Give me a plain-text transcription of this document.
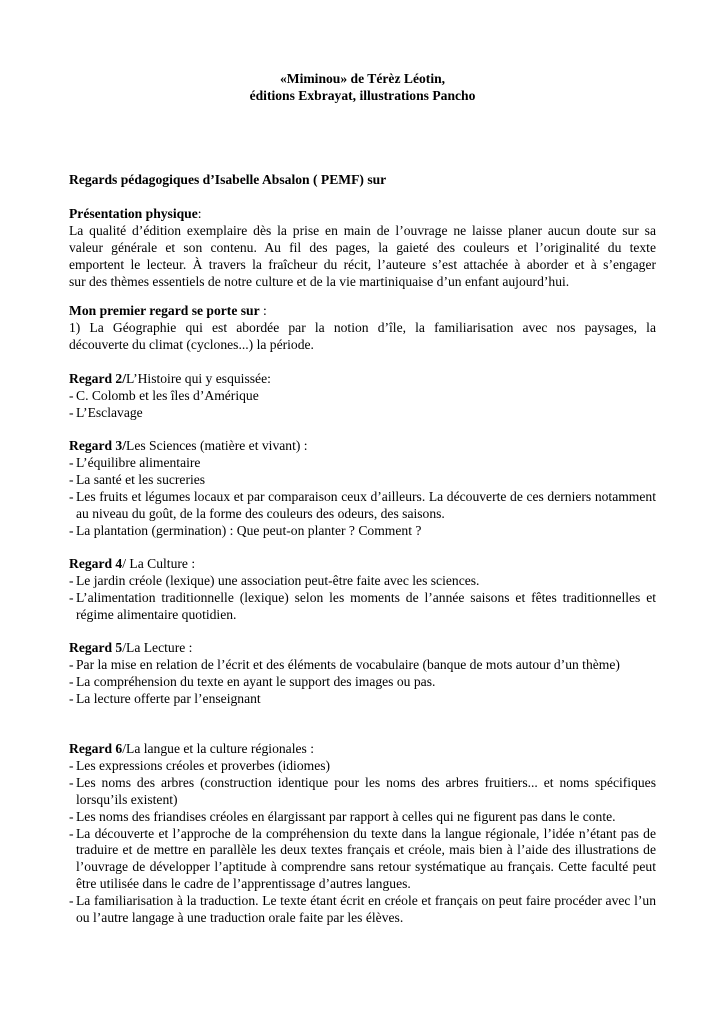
«Miminou» de Térèz Léotin,
éditions Exbrayat, illustrations Pancho
Regards pédagogiques d’Isabelle Absalon ( PEMF) sur
Présentation physique:
La qualité d’édition exemplaire dès la prise en main de l’ouvrage ne laisse planer aucun doute sur sa
valeur générale et son contenu. Au fil des pages, la gaieté des couleurs et l’originalité du texte
emportent le lecteur. À travers la fraîcheur du récit, l’auteure s’est attachée à aborder et à s’engager
sur des thèmes essentiels de notre culture et de la vie martiniquaise d’un enfant aujourd’hui.
Mon premier regard se porte sur :
1) La Géographie qui est abordée par la notion d’île, la familiarisation avec nos paysages, la
découverte du climat (cyclones...) la période.
Regard 2/L’Histoire qui y esquissée:
- C. Colomb et les îles d’Amérique
- L’Esclavage
Regard 3/Les Sciences (matière et vivant) :
- L’équilibre alimentaire
- La santé et les sucreries
- Les fruits et légumes locaux et par comparaison ceux d’ailleurs. La découverte de ces derniers notamment au niveau du goût, de la forme des couleurs des odeurs, des saisons.
- La plantation (germination) : Que peut-on planter ? Comment ?
Regard 4/ La Culture :
- Le jardin créole (lexique) une association peut-être faite avec les sciences.
- L’alimentation traditionnelle (lexique) selon les moments de l’année saisons et fêtes traditionnelles et régime alimentaire quotidien.
Regard 5/La Lecture :
- Par la mise en relation de l’écrit et des éléments de vocabulaire (banque de mots autour d’un thème)
- La compréhension du texte en ayant le support des images ou pas.
- La lecture offerte par l’enseignant
Regard 6/La langue et la culture régionales :
- Les expressions créoles et proverbes (idiomes)
- Les noms des arbres (construction identique pour les noms des arbres fruitiers... et noms spécifiques lorsqu’ils existent)
- Les noms des friandises créoles en élargissant par rapport à celles qui ne figurent pas dans le conte.
- La découverte et l’approche de la compréhension du texte dans la langue régionale, l’idée n’étant pas de traduire et de mettre en parallèle les deux textes français et créole, mais bien à l’aide des illustrations de l’ouvrage de développer l’aptitude à comprendre sans retour systématique au français. Cette faculté peut être utilisée dans le cadre de l’apprentissage d’autres langues.
- La familiarisation à la traduction. Le texte étant écrit en créole et français on peut faire procéder avec l’un ou l’autre langage à une traduction orale faite par les élèves.
